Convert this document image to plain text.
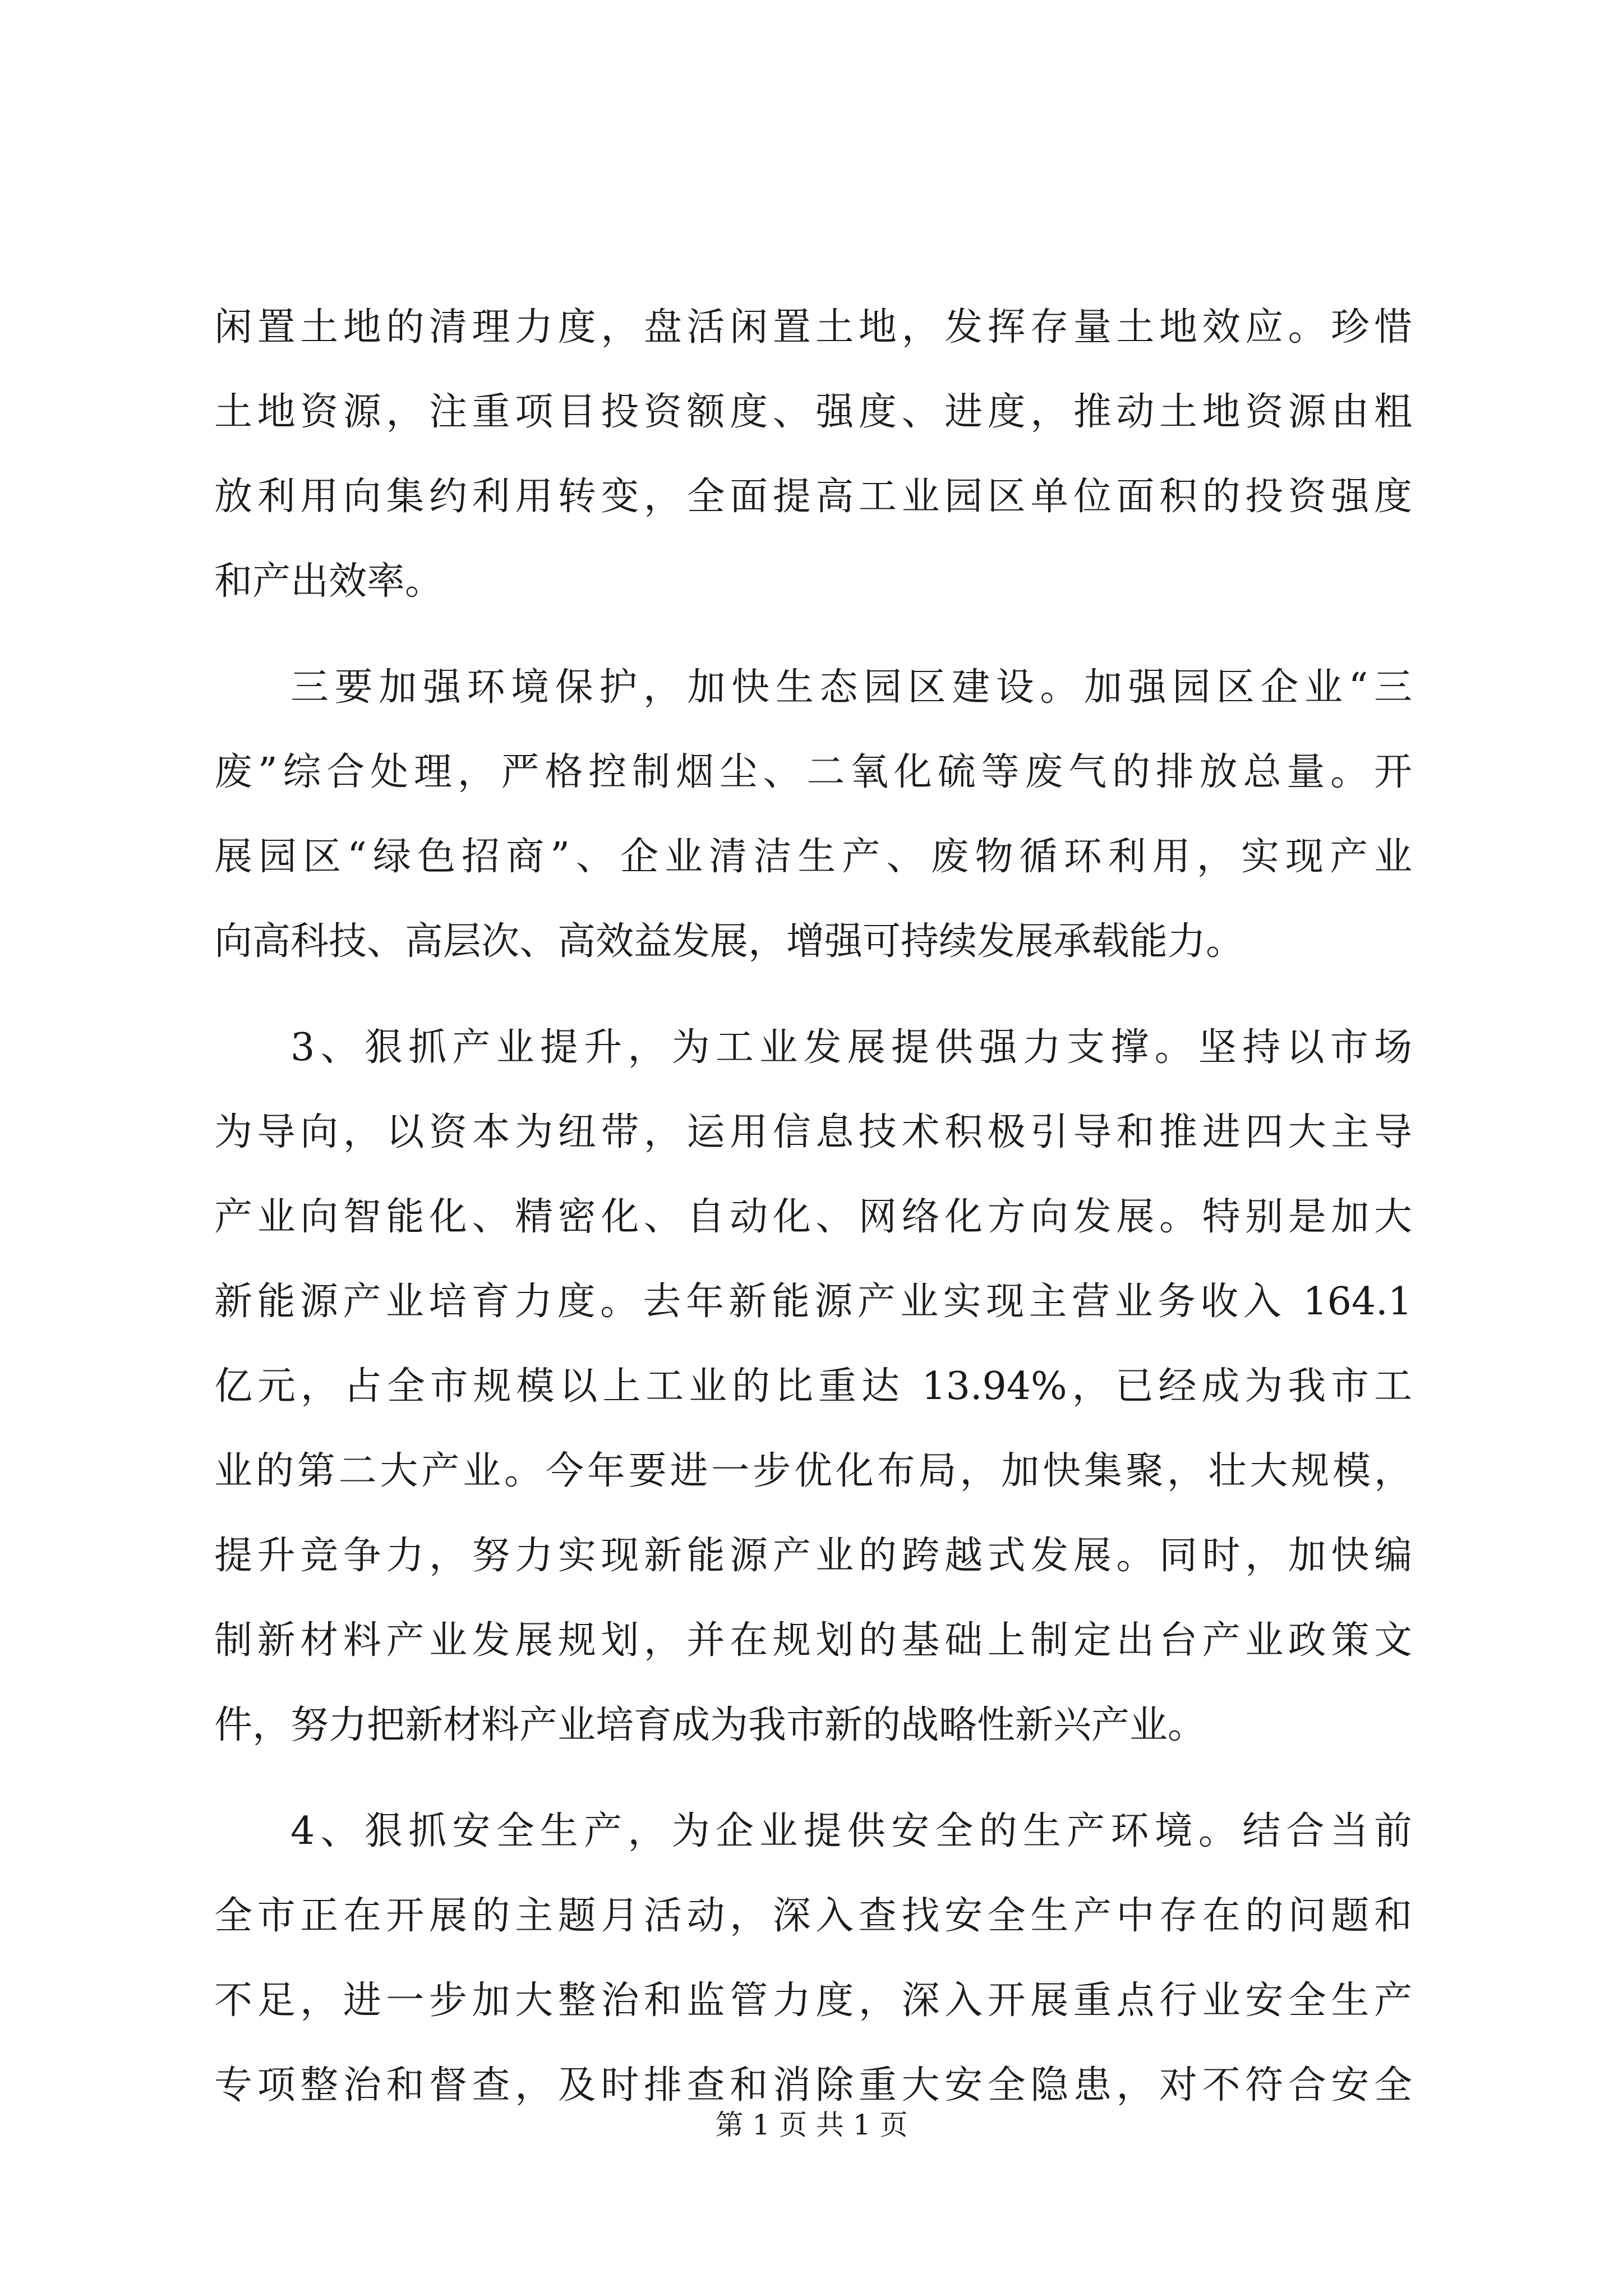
闲置土地的清理力度，盘活闲置土地，发挥存量土地效应。珍惜
土地资源，注重项目投资额度、强度、进度，推动土地资源由粗
放利用向集约利用转变，全面提高工业园区单位面积的投资强度
和产出效率。
三要加强环境保护，加快生态园区建设。加强园区企业“三
废”综合处理，严格控制烟尘、二氧化硫等废气的排放总量。开
展园区“绿色招商”、企业清洁生产、废物循环利用，实现产业
向高科技、高层次、高效益发展，增强可持续发展承载能力。
3、狠抓产业提升，为工业发展提供强力支撑。坚持以市场
为导向，以资本为纽带，运用信息技术积极引导和推进四大主导
产业向智能化、精密化、自动化、网络化方向发展。特别是加大
新能源产业培育力度。去年新能源产业实现主营业务收入 164.1
亿元，占全市规模以上工业的比重达 13.94%，已经成为我市工
业的第二大产业。今年要进一步优化布局，加快集聚，壮大规模，
提升竞争力，努力实现新能源产业的跨越式发展。同时，加快编
制新材料产业发展规划，并在规划的基础上制定出台产业政策文
件，努力把新材料产业培育成为我市新的战略性新兴产业。
4、狠抓安全生产，为企业提供安全的生产环境。结合当前
全市正在开展的主题月活动，深入查找安全生产中存在的问题和
不足，进一步加大整治和监管力度，深入开展重点行业安全生产
专项整治和督查，及时排查和消除重大安全隐患，对不符合安全
第 1 页 共 1 页
